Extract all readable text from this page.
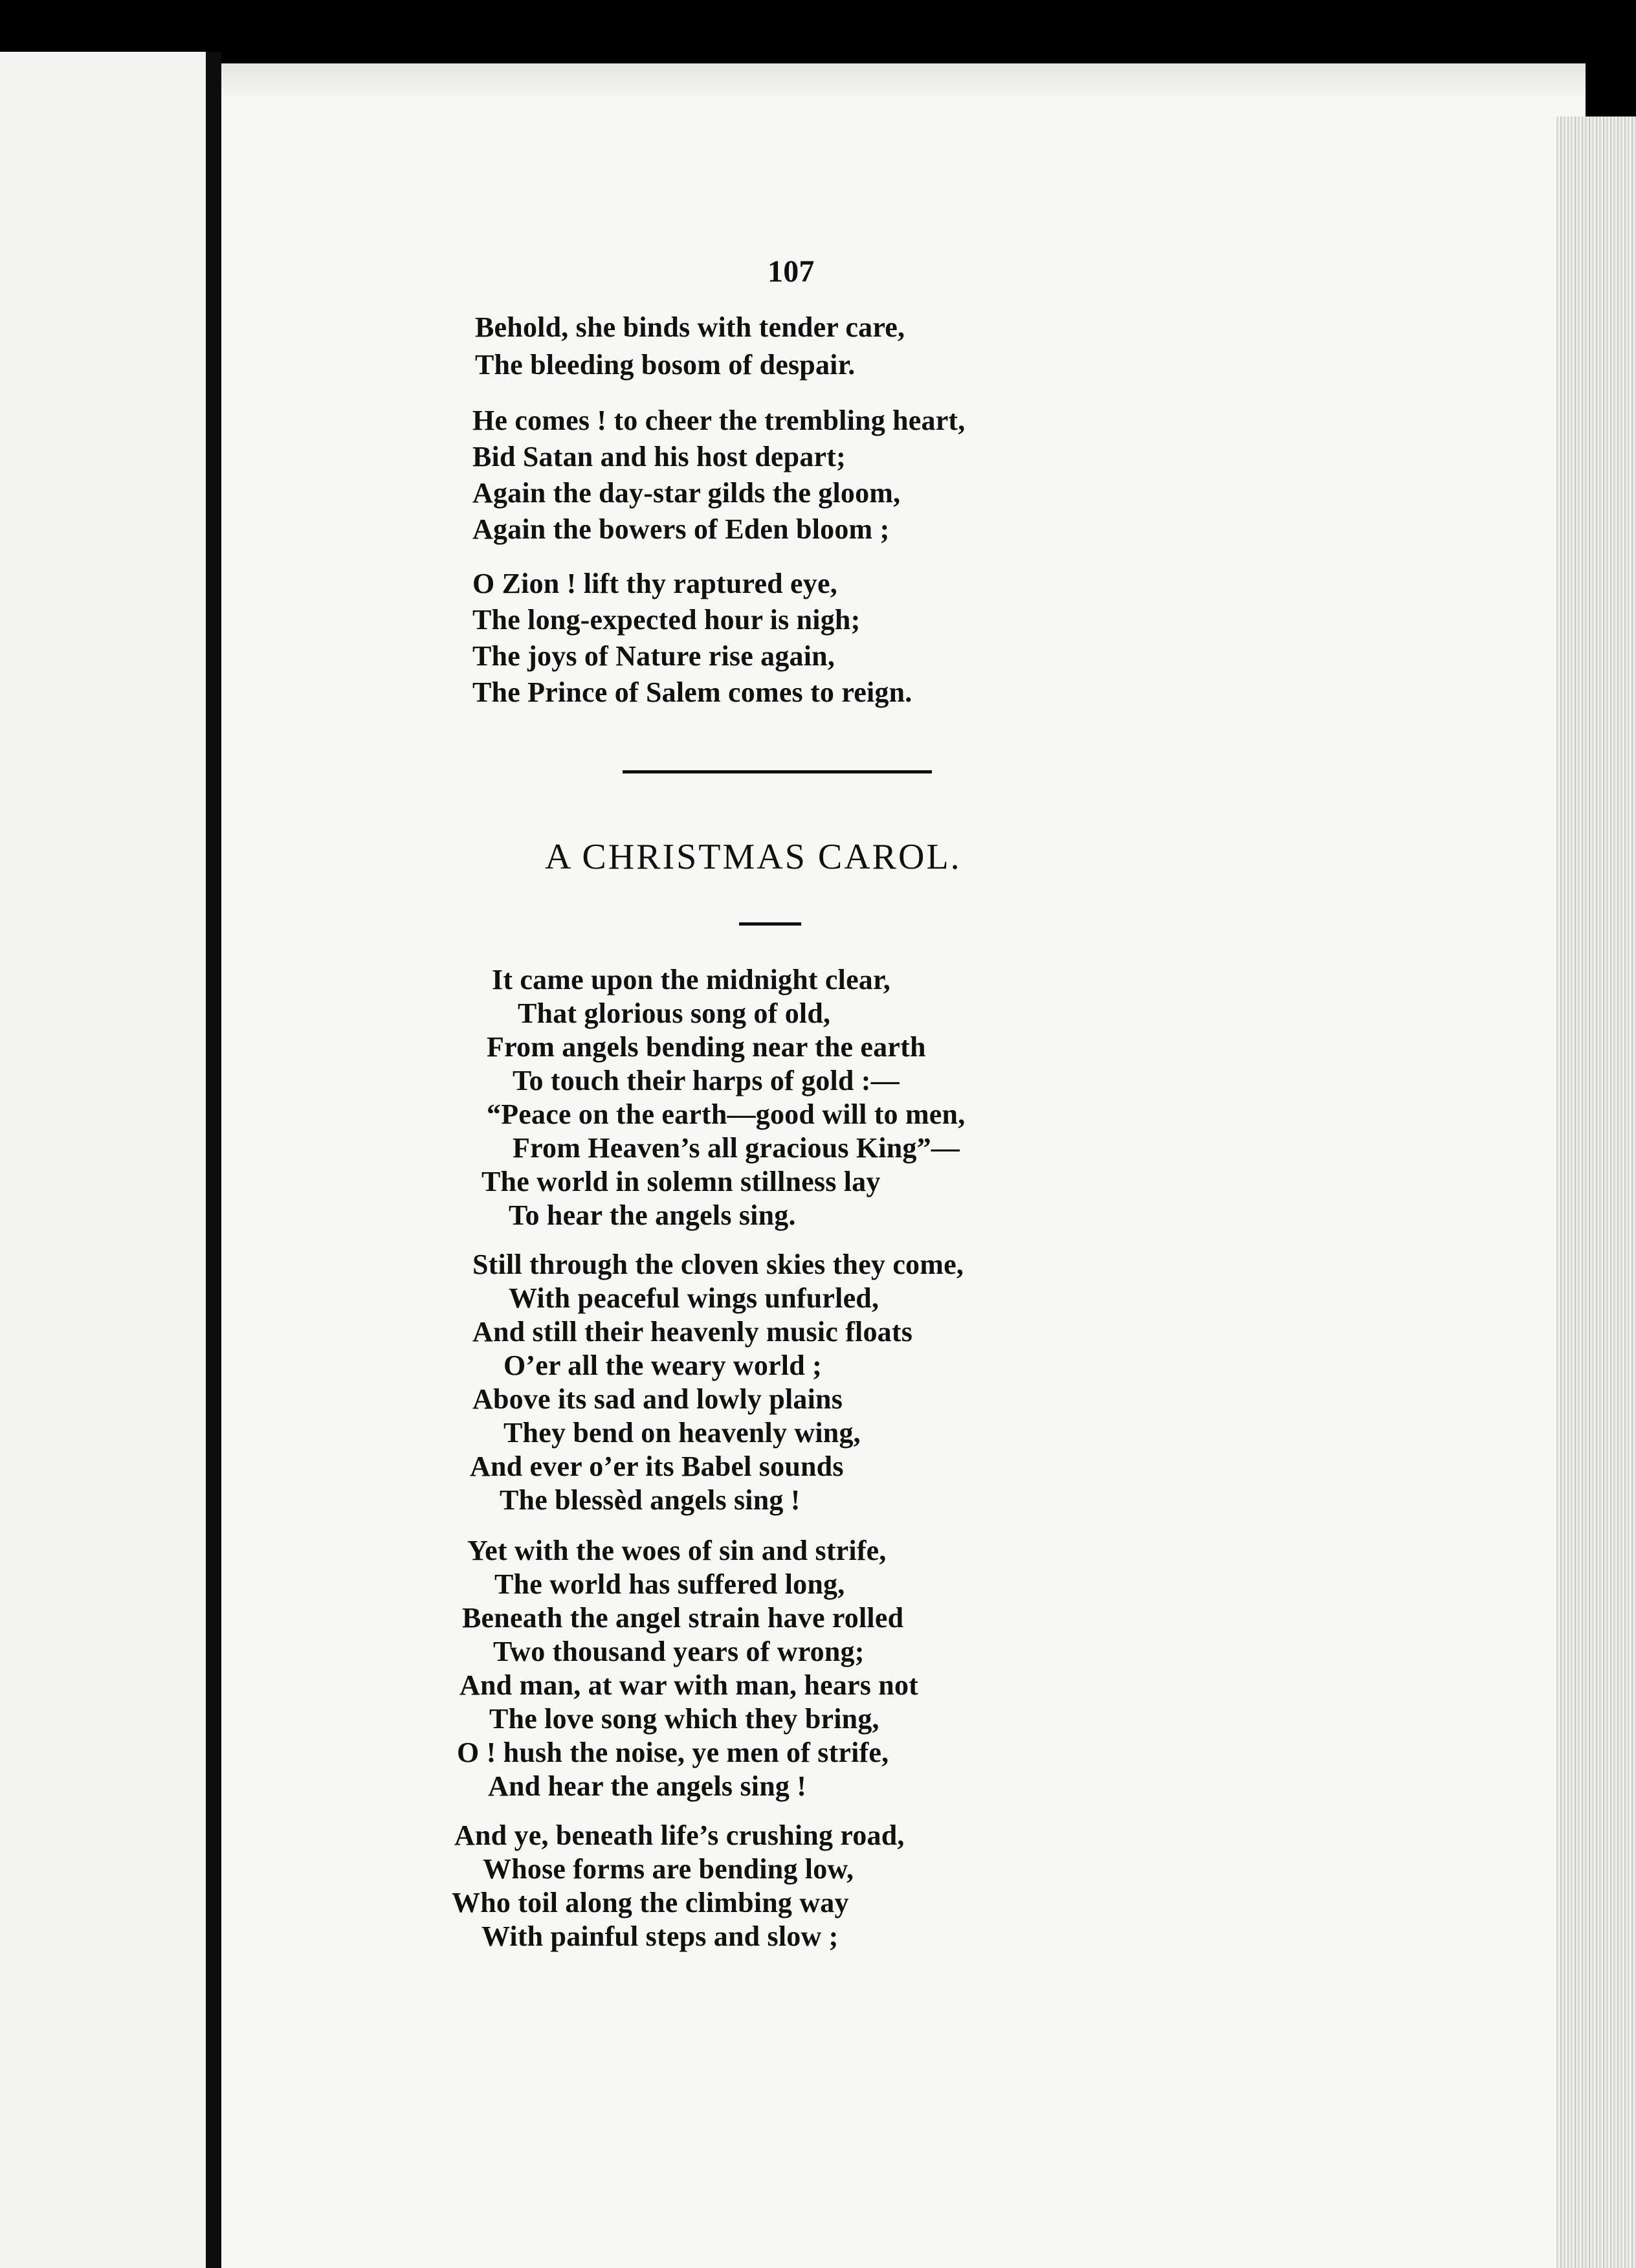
107
Behold, she binds with tender care,
The bleeding bosom of despair.
He comes ! to cheer the trembling heart,
Bid Satan and his host depart;
Again the day-star gilds the gloom,
Again the bowers of Eden bloom ;
O Zion ! lift thy raptured eye,
The long-expected hour is nigh;
The joys of Nature rise again,
The Prince of Salem comes to reign.
A CHRISTMAS CAROL.
It came upon the midnight clear,
That glorious song of old,
From angels bending near the earth
To touch their harps of gold :—
“Peace on the earth—good will to men,
From Heaven’s all gracious King”—
The world in solemn stillness lay
To hear the angels sing.
Still through the cloven skies they come,
With peaceful wings unfurled,
And still their heavenly music floats
O’er all the weary world ;
Above its sad and lowly plains
They bend on heavenly wing,
And ever o’er its Babel sounds
The blessèd angels sing !
Yet with the woes of sin and strife,
The world has suffered long,
Beneath the angel strain have rolled
Two thousand years of wrong;
And man, at war with man, hears not
The love song which they bring,
O ! hush the noise, ye men of strife,
And hear the angels sing !
And ye, beneath life’s crushing road,
Whose forms are bending low,
Who toil along the climbing way
With painful steps and slow ;
